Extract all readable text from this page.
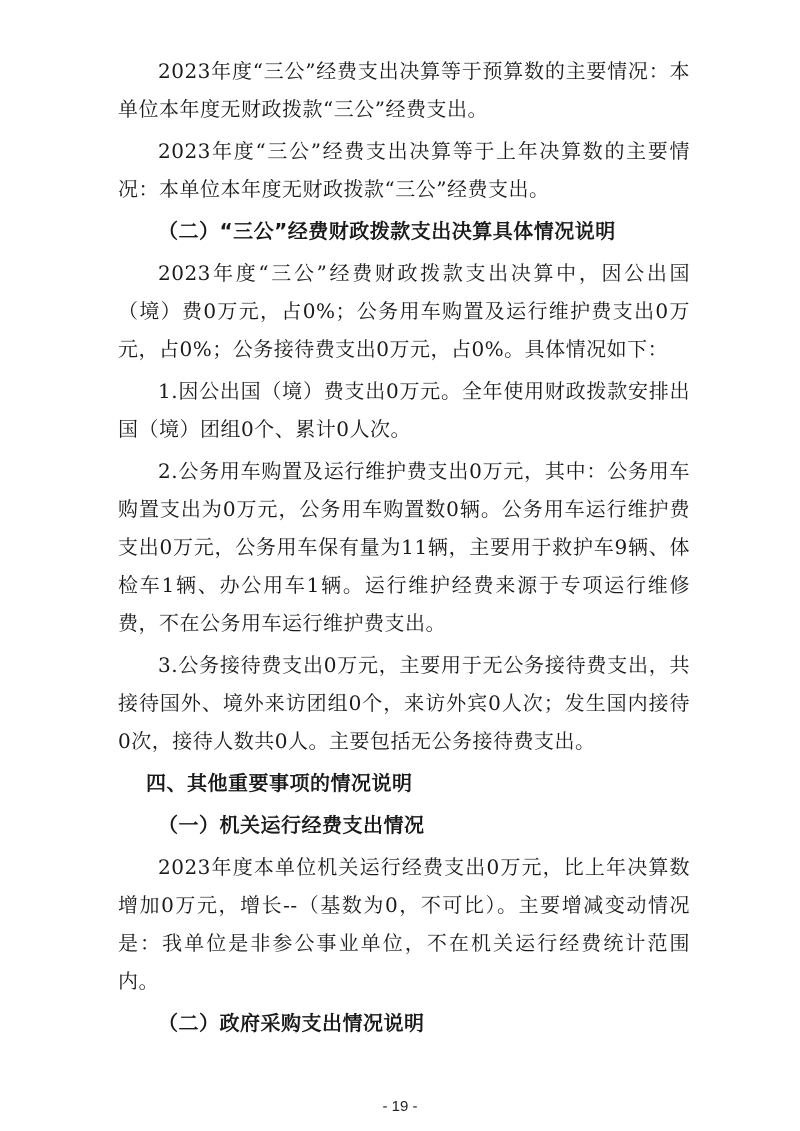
2023年度“三公”经费支出决算等于预算数的主要情况：本单位本年度无财政拨款“三公”经费支出。

2023年度“三公”经费支出决算等于上年决算数的主要情况：本单位本年度无财政拨款“三公”经费支出。

（二）“三公”经费财政拨款支出决算具体情况说明

2023年度“三公”经费财政拨款支出决算中，因公出国（境）费0万元，占0%；公务用车购置及运行维护费支出0万元，占0%；公务接待费支出0万元，占0%。具体情况如下：

1.因公出国（境）费支出0万元。全年使用财政拨款安排出国（境）团组0个、累计0人次。

2.公务用车购置及运行维护费支出0万元，其中：公务用车购置支出为0万元，公务用车购置数0辆。公务用车运行维护费支出0万元，公务用车保有量为11辆，主要用于救护车9辆、体检车1辆、办公用车1辆。运行维护经费来源于专项运行维修费，不在公务用车运行维护费支出。

3.公务接待费支出0万元，主要用于无公务接待费支出，共接待国外、境外来访团组0个，来访外宾0人次；发生国内接待0次，接待人数共0人。主要包括无公务接待费支出。

四、其他重要事项的情况说明
（一）机关运行经费支出情况

2023年度本单位机关运行经费支出0万元，比上年决算数增加0万元，增长--（基数为0，不可比）。主要增减变动情况是：我单位是非参公事业单位，不在机关运行经费统计范围内。

（二）政府采购支出情况说明
- 19 -
